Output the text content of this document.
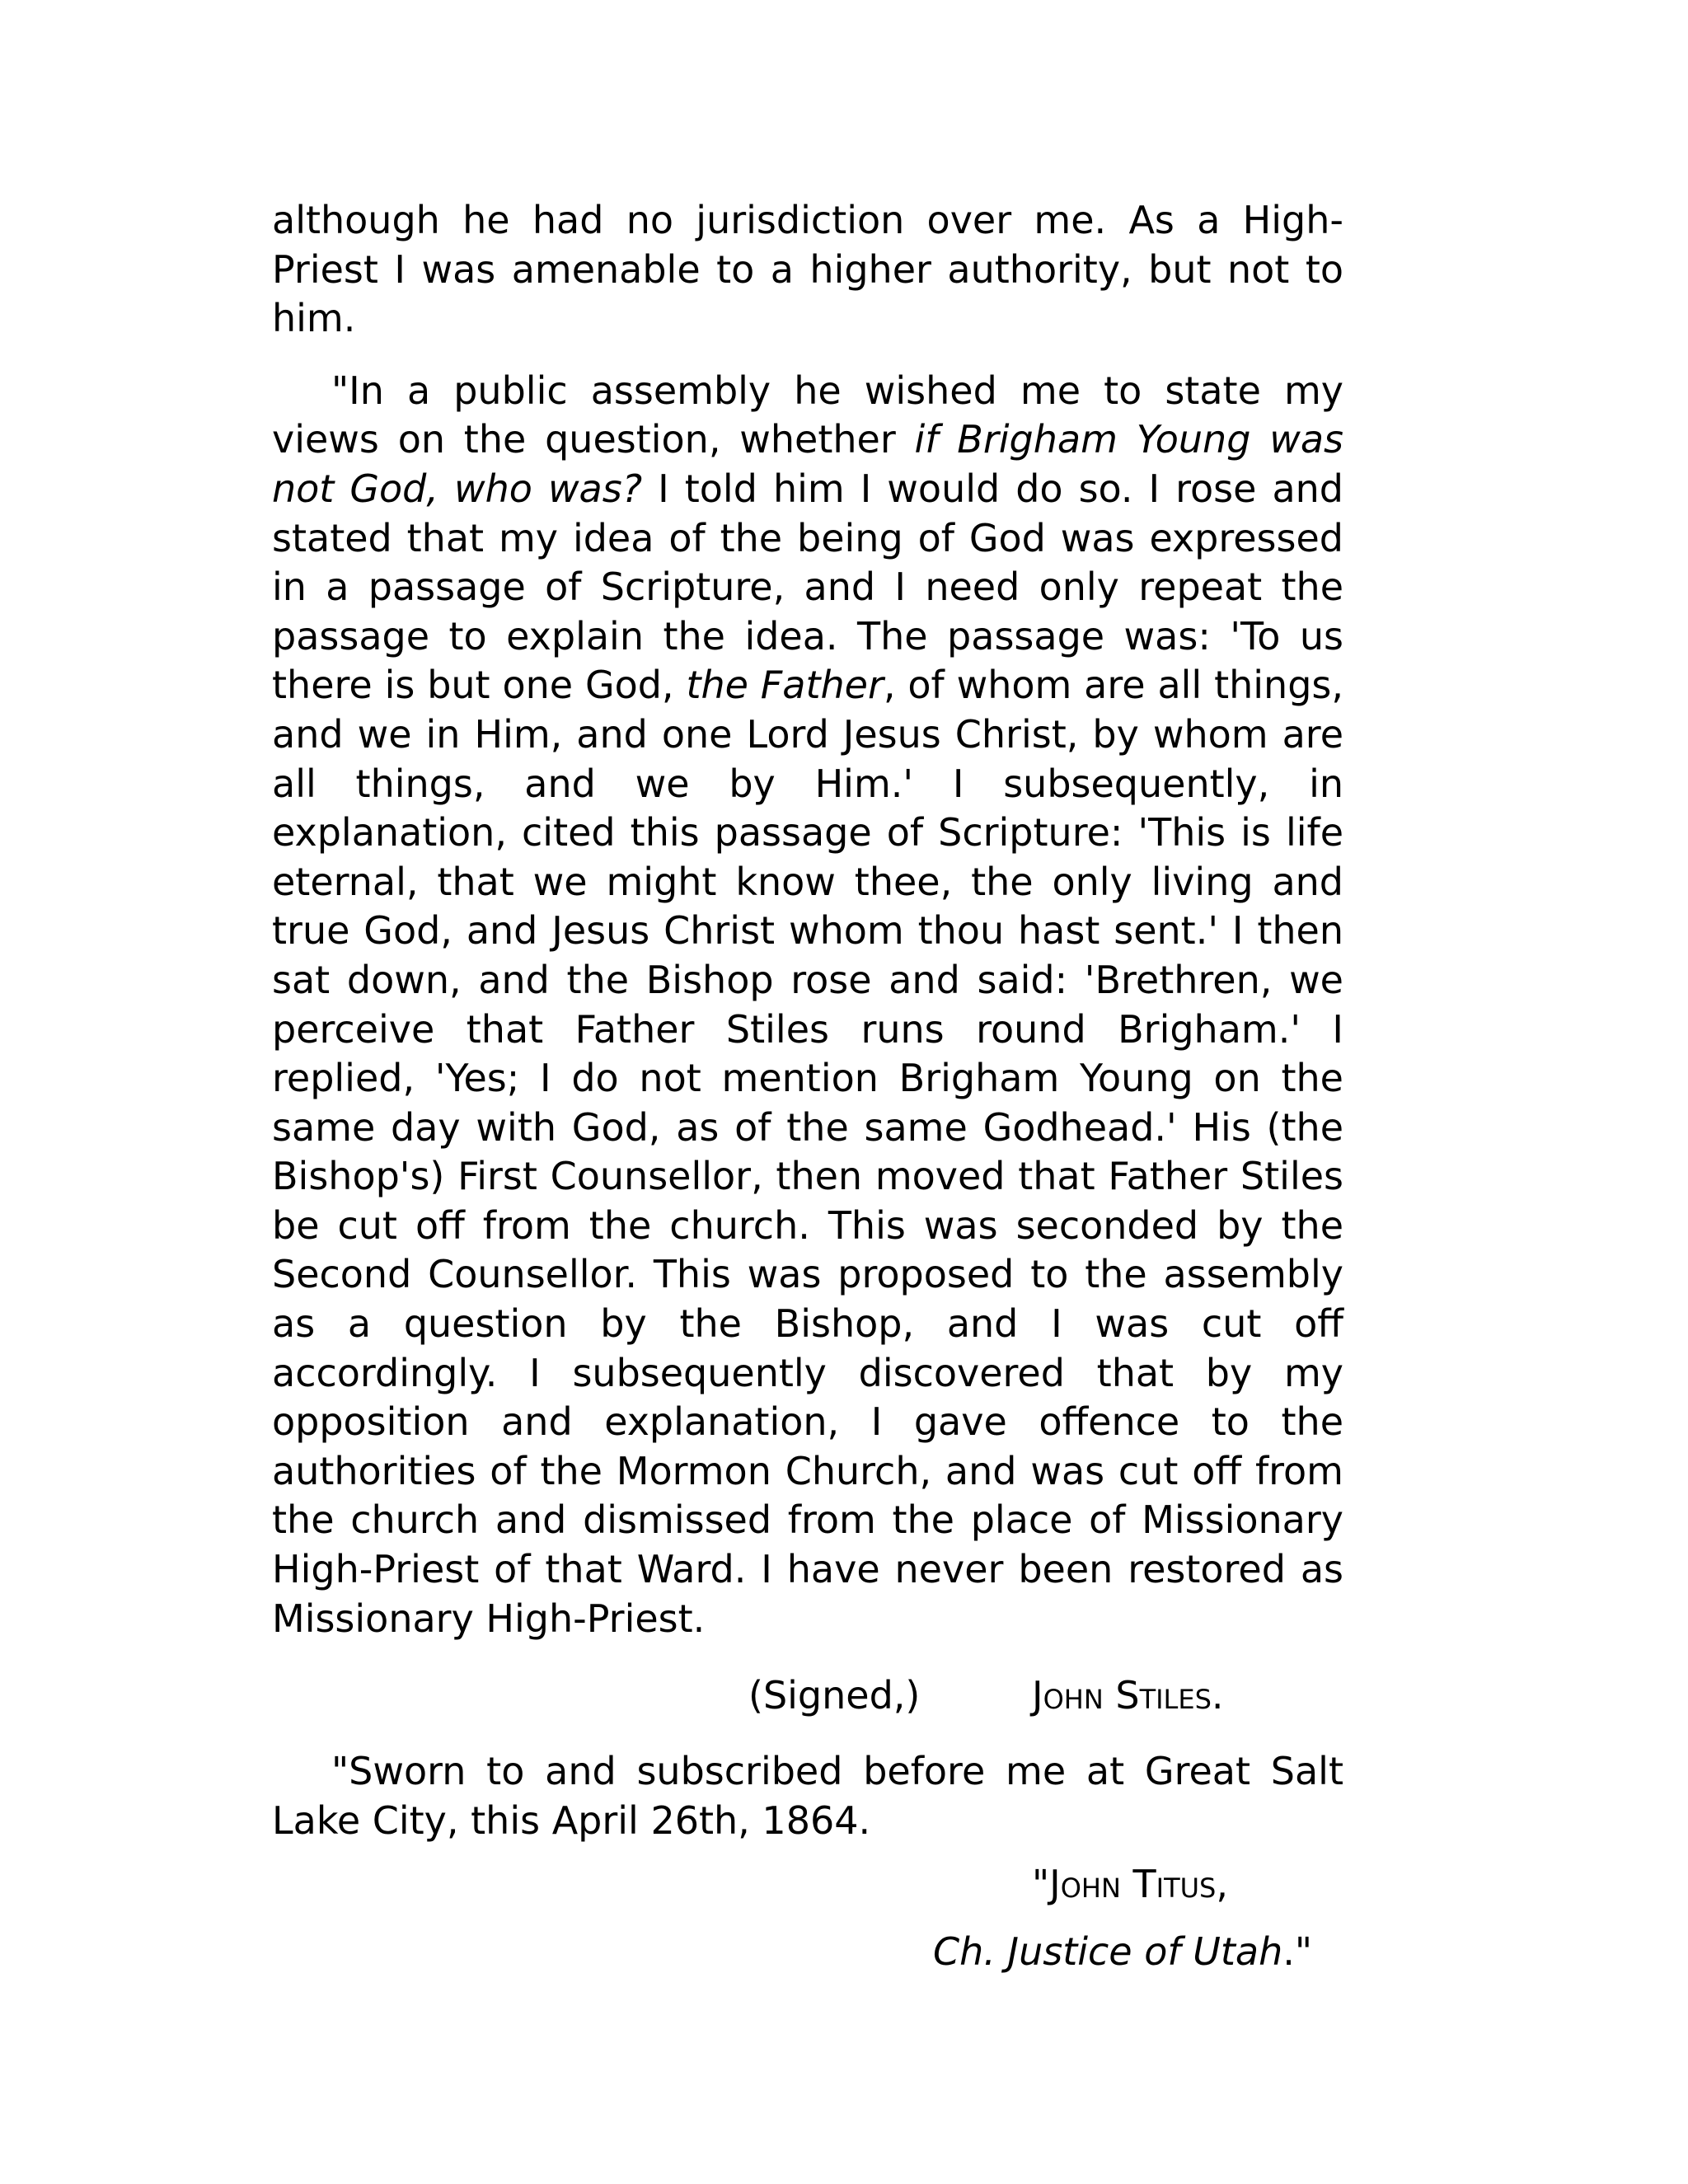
although he had no jurisdiction over me. As a High-Priest I was amenable to a higher authority, but not to him.

"In a public assembly he wished me to state my views on the question, whether if Brigham Young was not God, who was? I told him I would do so. I rose and stated that my idea of the being of God was expressed in a passage of Scripture, and I need only repeat the passage to explain the idea. The passage was: 'To us there is but one God, the Father, of whom are all things, and we in Him, and one Lord Jesus Christ, by whom are all things, and we by Him.' I subsequently, in explanation, cited this passage of Scripture: 'This is life eternal, that we might know thee, the only living and true God, and Jesus Christ whom thou hast sent.' I then sat down, and the Bishop rose and said: 'Brethren, we perceive that Father Stiles runs round Brigham.' I replied, 'Yes; I do not mention Brigham Young on the same day with God, as of the same Godhead.' His (the Bishop's) First Counsellor, then moved that Father Stiles be cut off from the church. This was seconded by the Second Counsellor. This was proposed to the assembly as a question by the Bishop, and I was cut off accordingly. I subsequently discovered that by my opposition and explanation, I gave offence to the authorities of the Mormon Church, and was cut off from the church and dismissed from the place of Missionary High-Priest of that Ward. I have never been restored as Missionary High-Priest.

(Signed,)	John Stiles.

"Sworn to and subscribed before me at Great Salt Lake City, this April 26th, 1864.

"John Titus,
Ch. Justice of Utah."
